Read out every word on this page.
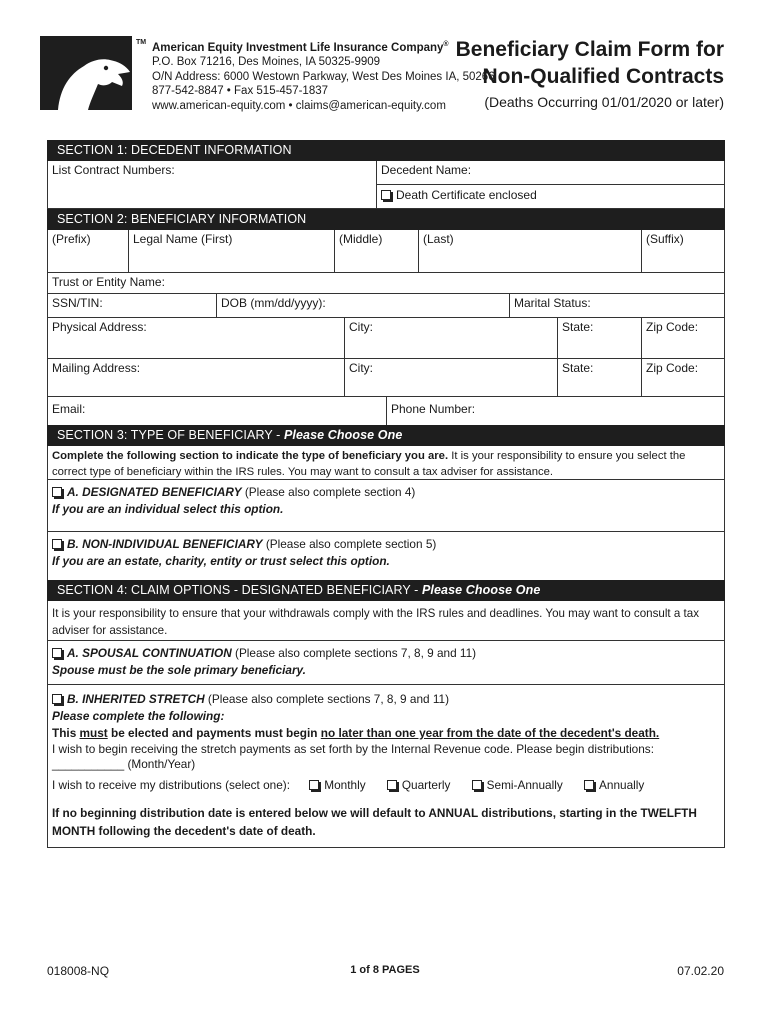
TM American Equity Investment Life Insurance Company®
P.O. Box 71216, Des Moines, IA 50325-9909
O/N Address: 6000 Westown Parkway, West Des Moines IA, 50266
877-542-8847 • Fax 515-457-1837
www.american-equity.com • claims@american-equity.com
Beneficiary Claim Form for
Non-Qualified Contracts
(Deaths Occurring 01/01/2020 or later)
SECTION 1: DECEDENT INFORMATION
List Contract Numbers:	Decedent Name:
Death Certificate enclosed
SECTION 2: BENEFICIARY INFORMATION
(Prefix)	Legal Name (First)	(Middle)	(Last)	(Suffix)
Trust or Entity Name:
SSN/TIN:	DOB (mm/dd/yyyy):	Marital Status:
Physical Address:	City:	State:	Zip Code:
Mailing Address:	City:	State:	Zip Code:
Email:	Phone Number:
SECTION 3: TYPE OF BENEFICIARY - Please Choose One
Complete the following section to indicate the type of beneficiary you are. It is your responsibility to ensure you select the correct type of beneficiary within the IRS rules. You may want to consult a tax adviser for assistance.
A. DESIGNATED BENEFICIARY (Please also complete section 4)
If you are an individual select this option.
B. NON-INDIVIDUAL BENEFICIARY (Please also complete section 5)
If you are an estate, charity, entity or trust select this option.
SECTION 4: CLAIM OPTIONS - DESIGNATED BENEFICIARY - Please Choose One
It is your responsibility to ensure that your withdrawals comply with the IRS rules and deadlines. You may want to consult a tax adviser for assistance.
A. SPOUSAL CONTINUATION (Please also complete sections 7, 8, 9 and 11)
Spouse must be the sole primary beneficiary.
B. INHERITED STRETCH (Please also complete sections 7, 8, 9 and 11)
Please complete the following:
This must be elected and payments must begin no later than one year from the date of the decedent's death.
I wish to begin receiving the stretch payments as set forth by the Internal Revenue code. Please begin distributions:
___________ (Month/Year)
I wish to receive my distributions (select one):	Monthly	Quarterly	Semi-Annually	Annually
If no beginning distribution date is entered below we will default to ANNUAL distributions, starting in the TWELFTH MONTH following the decedent's date of death.
018008-NQ	1 of 8 PAGES	07.02.20
